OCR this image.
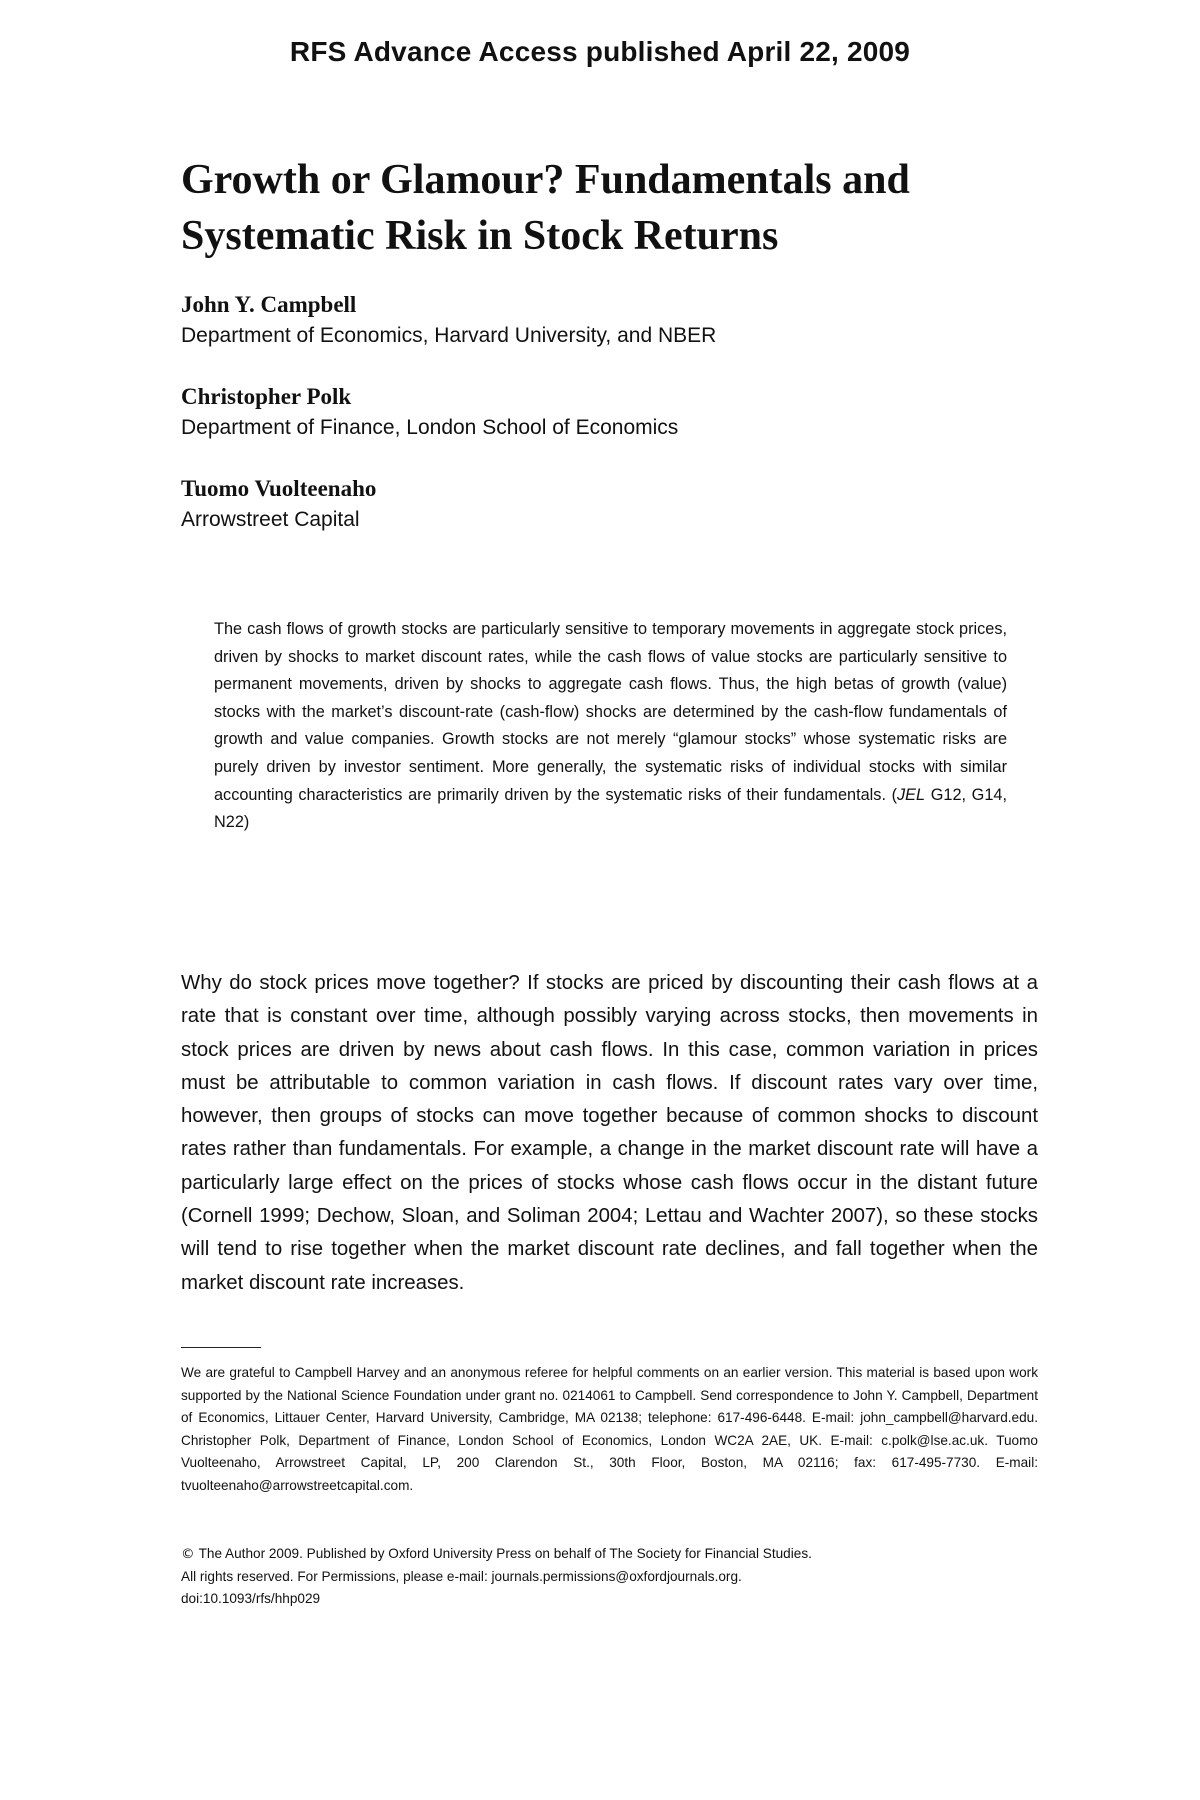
RFS Advance Access published April 22, 2009
Growth or Glamour? Fundamentals and
Systematic Risk in Stock Returns
John Y. Campbell
Department of Economics, Harvard University, and NBER
Christopher Polk
Department of Finance, London School of Economics
Tuomo Vuolteenaho
Arrowstreet Capital

The cash flows of growth stocks are particularly sensitive to temporary movements in aggregate stock prices, driven by shocks to market discount rates, while the cash flows of value stocks are particularly sensitive to permanent movements, driven by shocks to aggregate cash flows. Thus, the high betas of growth (value) stocks with the market’s discount-rate (cash-flow) shocks are determined by the cash-flow fundamentals of growth and value companies. Growth stocks are not merely “glamour stocks” whose systematic risks are purely driven by investor sentiment. More generally, the systematic risks of individual stocks with similar accounting characteristics are primarily driven by the systematic risks of their fundamentals. (JEL G12, G14, N22)

Why do stock prices move together? If stocks are priced by discounting their cash flows at a rate that is constant over time, although possibly varying across stocks, then movements in stock prices are driven by news about cash flows. In this case, common variation in prices must be attributable to common variation in cash flows. If discount rates vary over time, however, then groups of stocks can move together because of common shocks to discount rates rather than fundamentals. For example, a change in the market discount rate will have a particularly large effect on the prices of stocks whose cash flows occur in the distant future (Cornell 1999; Dechow, Sloan, and Soliman 2004; Lettau and Wachter 2007), so these stocks will tend to rise together when the market discount rate declines, and fall together when the market discount rate increases.

We are grateful to Campbell Harvey and an anonymous referee for helpful comments on an earlier version. This material is based upon work supported by the National Science Foundation under grant no. 0214061 to Campbell. Send correspondence to John Y. Campbell, Department of Economics, Littauer Center, Harvard University, Cambridge, MA 02138; telephone: 617-496-6448. E-mail: john_campbell@harvard.edu. Christopher Polk, Department of Finance, London School of Economics, London WC2A 2AE, UK. E-mail: c.polk@lse.ac.uk. Tuomo Vuolteenaho, Arrowstreet Capital, LP, 200 Clarendon St., 30th Floor, Boston, MA 02116; fax: 617-495-7730. E-mail: tvuolteenaho@arrowstreetcapital.com.

© The Author 2009. Published by Oxford University Press on behalf of The Society for Financial Studies.
All rights reserved. For Permissions, please e-mail: journals.permissions@oxfordjournals.org.
doi:10.1093/rfs/hhp029
